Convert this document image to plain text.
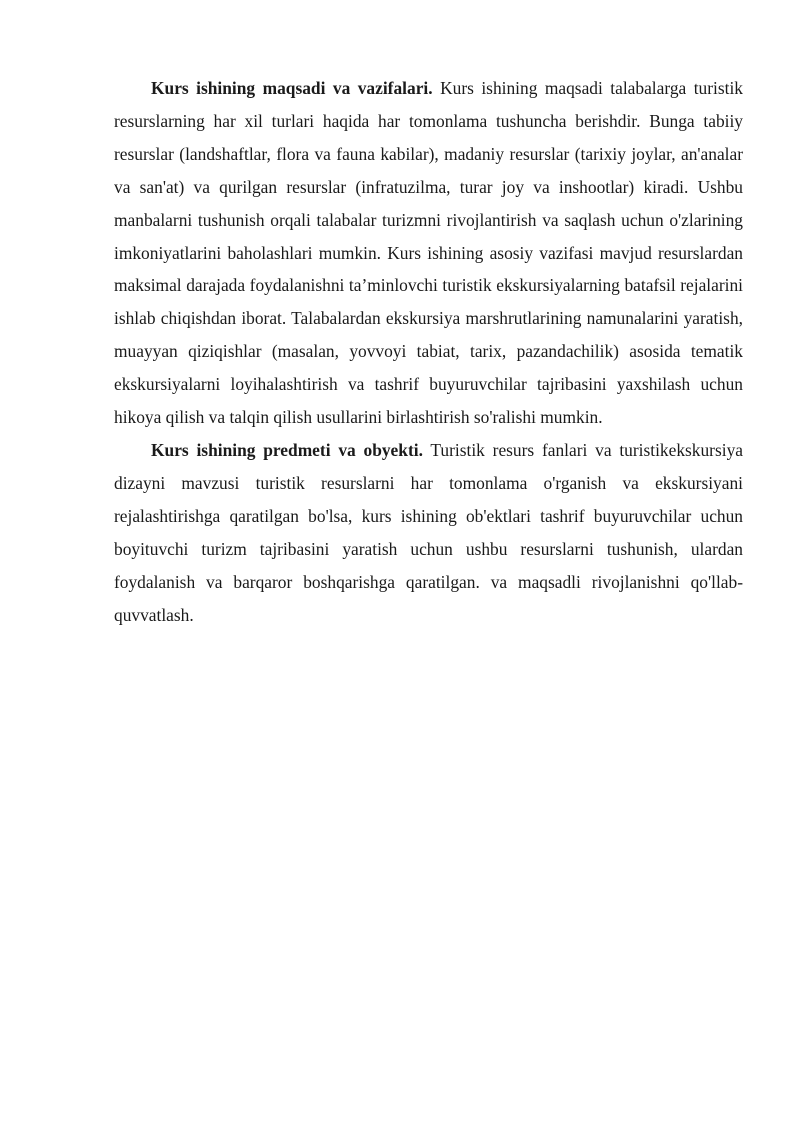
Kurs ishining maqsadi va vazifalari. Kurs ishining maqsadi talabalarga turistik resurslarning har xil turlari haqida har tomonlama tushuncha berishdir. Bunga tabiiy resurslar (landshaftlar, flora va fauna kabilar), madaniy resurslar (tarixiy joylar, an'analar va san'at) va qurilgan resurslar (infratuzilma, turar joy va inshootlar) kiradi. Ushbu manbalarni tushunish orqali talabalar turizmni rivojlantirish va saqlash uchun o'zlarining imkoniyatlarini baholashlari mumkin. Kurs ishining asosiy vazifasi mavjud resurslardan maksimal darajada foydalanishni ta’minlovchi turistik ekskursiyalarning batafsil rejalarini ishlab chiqishdan iborat. Talabalardan ekskursiya marshrutlarining namunalarini yaratish, muayyan qiziqishlar (masalan, yovvoyi tabiat, tarix, pazandachilik) asosida tematik ekskursiyalarni loyihalashtirish va tashrif buyuruvchilar tajribasini yaxshilash uchun hikoya qilish va talqin qilish usullarini birlashtirish so'ralishi mumkin.

Kurs ishining predmeti va obyekti. Turistik resurs fanlari va turistikekskursiya dizayni mavzusi turistik resurslarni har tomonlama o'rganish va ekskursiyani rejalashtirishga qaratilgan bo'lsa, kurs ishining ob'ektlari tashrif buyuruvchilar uchun boyituvchi turizm tajribasini yaratish uchun ushbu resurslarni tushunish, ulardan foydalanish va barqaror boshqarishga qaratilgan. va maqsadli rivojlanishni qo'llab-quvvatlash.
